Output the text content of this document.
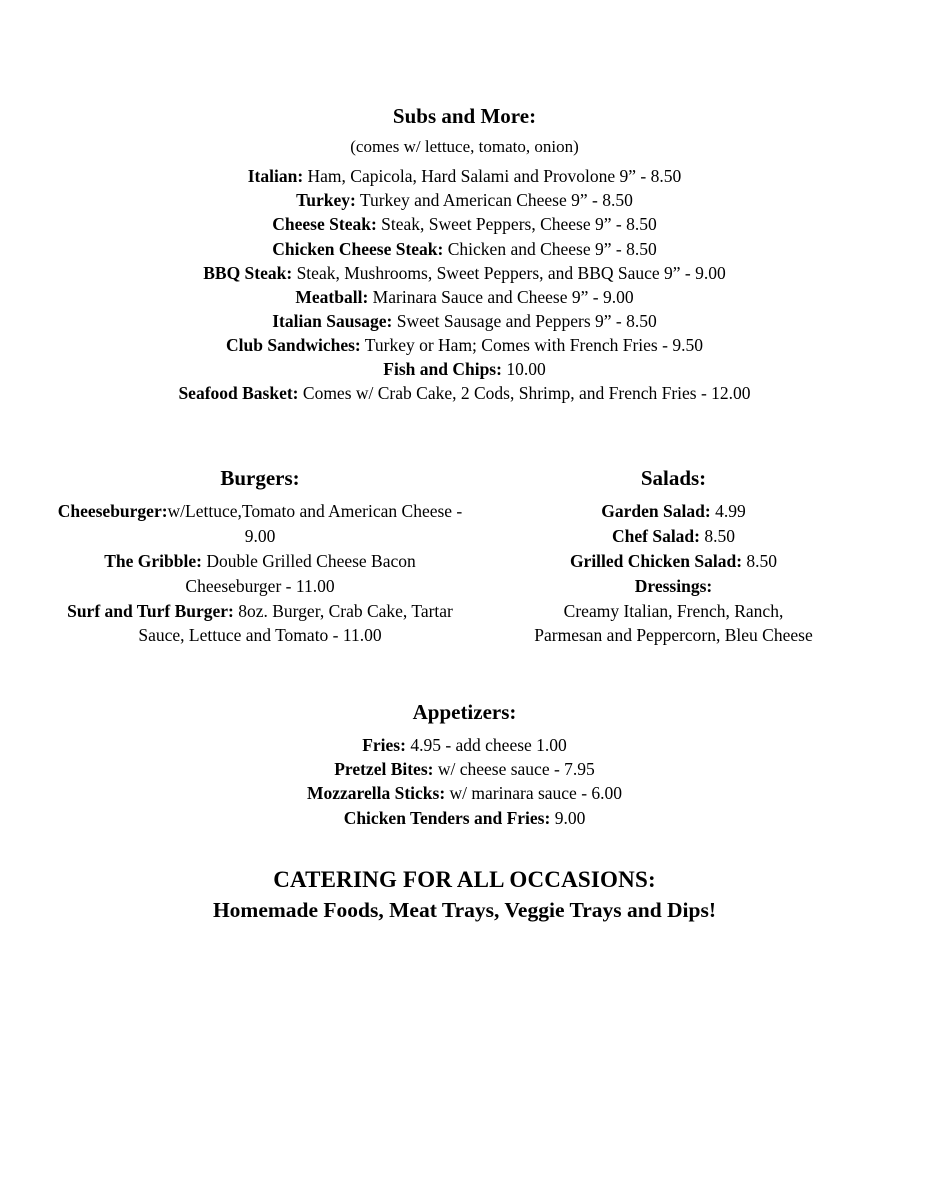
Subs and More:
(comes w/ lettuce, tomato, onion)
Italian: Ham, Capicola, Hard Salami and Provolone 9” - 8.50
Turkey: Turkey and American Cheese 9” - 8.50
Cheese Steak: Steak, Sweet Peppers, Cheese 9” - 8.50
Chicken Cheese Steak: Chicken and Cheese 9” - 8.50
BBQ Steak: Steak, Mushrooms, Sweet Peppers, and BBQ Sauce 9” - 9.00
Meatball: Marinara Sauce and Cheese 9” - 9.00
Italian Sausage: Sweet Sausage and Peppers 9” - 8.50
Club Sandwiches: Turkey or Ham; Comes with French Fries - 9.50
Fish and Chips: 10.00
Seafood Basket: Comes w/ Crab Cake, 2 Cods, Shrimp, and French Fries - 12.00
Burgers:
Cheeseburger:w/Lettuce,Tomato and American Cheese - 9.00
The Gribble: Double Grilled Cheese Bacon Cheeseburger - 11.00
Surf and Turf Burger: 8oz. Burger, Crab Cake, Tartar Sauce, Lettuce and Tomato - 11.00
Salads:
Garden Salad: 4.99
Chef Salad: 8.50
Grilled Chicken Salad: 8.50
Dressings:
Creamy Italian, French, Ranch,
Parmesan and Peppercorn, Bleu Cheese
Appetizers:
Fries: 4.95 - add cheese 1.00
Pretzel Bites: w/ cheese sauce - 7.95
Mozzarella Sticks: w/ marinara sauce - 6.00
Chicken Tenders and Fries: 9.00
CATERING FOR ALL OCCASIONS:
Homemade Foods, Meat Trays, Veggie Trays and Dips!
